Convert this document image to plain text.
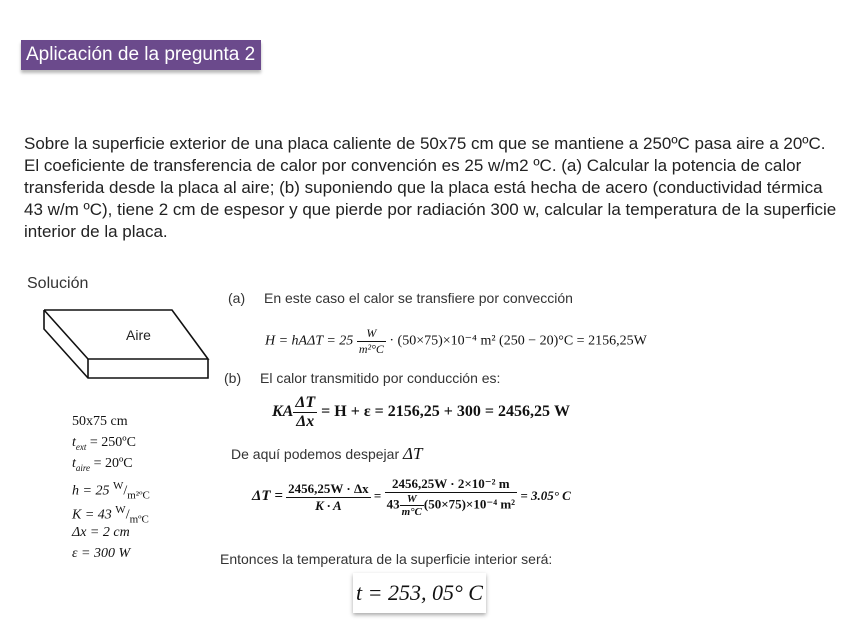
Aplicación de la pregunta 2
Sobre la superficie exterior de una placa caliente de 50x75 cm que se mantiene a 250ºC pasa aire a 20ºC. El coeficiente de transferencia de calor por convención es 25 w/m2 ºC. (a) Calcular la potencia de calor transferida desde la placa al aire; (b) suponiendo que la placa está hecha de acero (conductividad térmica 43 w/m ºC), tiene 2 cm de espesor y que pierde por radiación 300 w, calcular la temperatura de la superficie interior de la placa.
Solución
Aire
(a) En este caso el calor se transfiere por convección
$H = hA\Delta T = 25 \frac{W}{\text{m²°C}} \cdot (50\times 75)\times 10^{-4}$ m² (250 − 20)°C = 2156,25W
(b) El calor transmitido por conducción es:
KA $\frac{\Delta T}{\Delta x} = H + \varepsilon = 2156,25 + 300 = 2456,25$ W
De aquí podemos despejar ΔT
$\Delta T = \frac{2456,25W \cdot \Delta x}{K \cdot A} = \frac{\text{2456,25W · 2×10⁻² m}}{43 \frac{W}{m^\circ C} (50\times 75)\times 10^{-4} m^2} = 3.05^\circ$ C
Entonces la temperatura de la superficie interior será:
t = 253, 05° C
50x75 cm
$t_{ext}$ = 250ºC
$t_{aire}$ = 20ºC
h = 25 $^W/_{m^2ºC}$
K = 43 $^W/_{mºC}$
Δx = 2 cm
ε = 300 W
